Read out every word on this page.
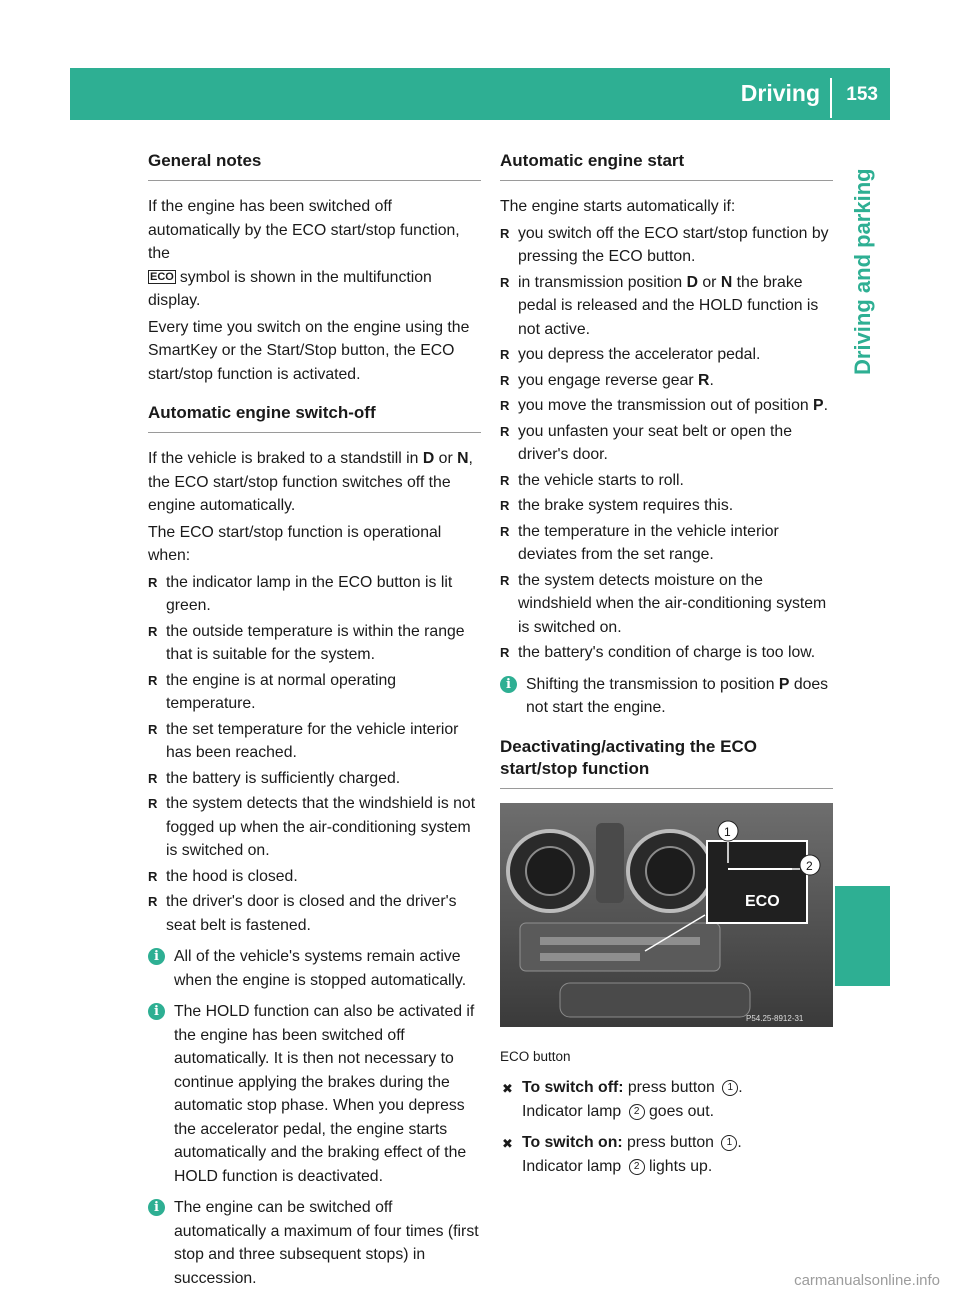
Driving 153
Driving and parking
General notes

If the engine has been switched off automatically by the ECO start/stop function, the
ECO symbol is shown in the multifunction display.

Every time you switch on the engine using the SmartKey or the Start/Stop button, the ECO start/stop function is activated.

Automatic engine switch-off

If the vehicle is braked to a standstill in D or N, the ECO start/stop function switches off the engine automatically.

The ECO start/stop function is operational when:

R the indicator lamp in the ECO button is lit green.
R the outside temperature is within the range that is suitable for the system.
R the engine is at normal operating temperature.
R the set temperature for the vehicle interior has been reached.
R the battery is sufficiently charged.
R the system detects that the windshield is not fogged up when the air-conditioning system is switched on.
R the hood is closed.
R the driver's door is closed and the driver's seat belt is fastened.
i All of the vehicle's systems remain active when the engine is stopped automatically.
i The HOLD function can also be activated if the engine has been switched off automatically. It is then not necessary to continue applying the brakes during the automatic stop phase. When you depress the accelerator pedal, the engine starts automatically and the braking effect of the HOLD function is deactivated.
i The engine can be switched off automatically a maximum of four times (first stop and three subsequent stops) in succession.
Automatic engine start

The engine starts automatically if:

R you switch off the ECO start/stop function by pressing the ECO button.
R in transmission position D or N the brake pedal is released and the HOLD function is not active.
R you depress the accelerator pedal.
R you engage reverse gear R.
R you move the transmission out of position P.
R you unfasten your seat belt or open the driver's door.
R the vehicle starts to roll.
R the brake system requires this.
R the temperature in the vehicle interior deviates from the set range.
R the system detects moisture on the windshield when the air-conditioning system is switched on.
R the battery's condition of charge is too low.
i Shifting the transmission to position P does not start the engine.
Deactivating/activating the ECO start/stop function
ECO
1
2
P54.25-8912-31

ECO button

✖ To switch off: press button 1 .
Indicator lamp 2 goes out.
✖ To switch on: press button 1 .
Indicator lamp 2 lights up.
carmanualsonline.info
